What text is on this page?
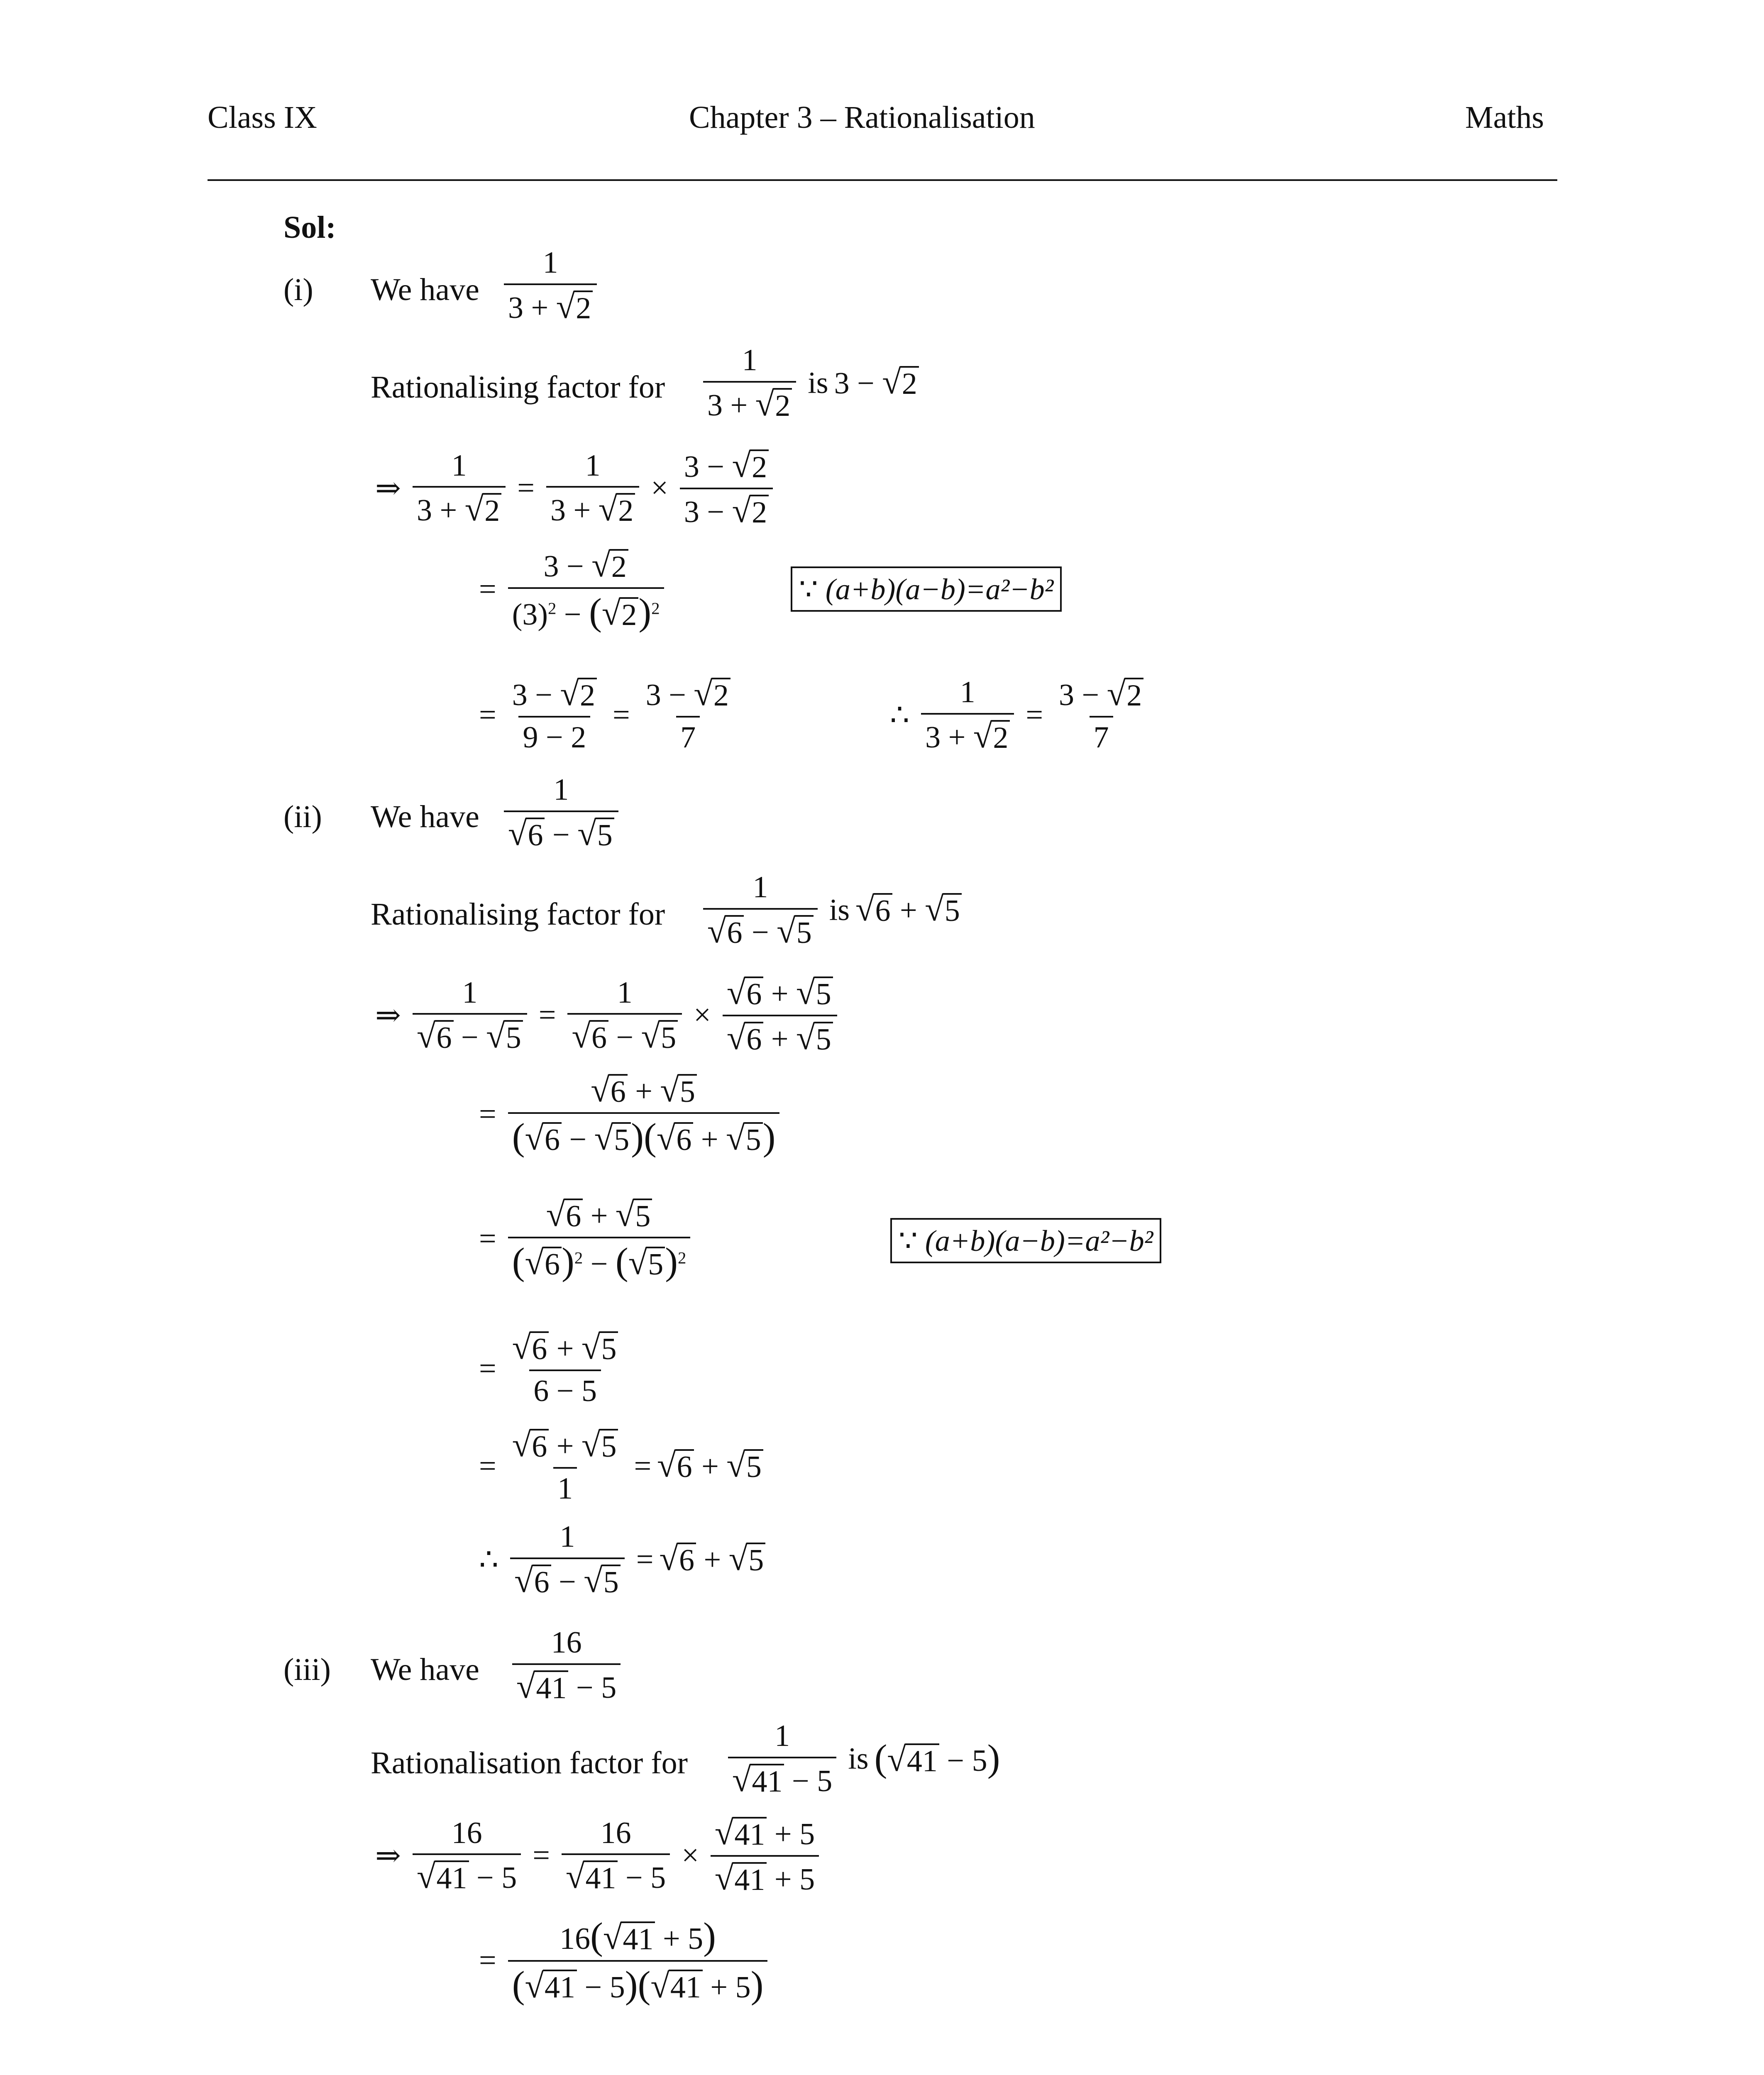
Class IX	Chapter 3 – Rationalisation	Maths
Sol:
(i) We have $\frac{1}{3 + √ 2}$
Rationalising factor for $\frac{1}{3 + √ 2}$ is 3 − √ 2
⇒ $\frac{1}{3 + √ 2} = \frac{1}{3 + √ 2} \times \frac{3 - √ 2}{3 - √ 2}$
= $\frac{3 - √ 2}{(3)^2 - ( √ 2 )^2}$	∵ (a+b)(a−b)=a²−b²
= $\frac{3 - √ 2}{9 - 2} = \frac{3 - √ 2}{7}$	∴ $\frac{1}{3 + √ 2} = \frac{3 - √ 2}{7}$
(ii) We have $\frac{1}{√ 6 - √ 5}$
Rationalising factor for $\frac{1}{√ 6 - √ 5}$ is √ 6 + √ 5
⇒ $\frac{1}{√ 6 - √ 5} = \frac{1}{√ 6 - √ 5} \times \frac{√ 6 + √ 5}{√ 6 + √ 5}$
= $\frac{√ 6 + √ 5}{( √ 6 - √ 5 )( √ 6 + √ 5 )}$
= $\frac{√ 6 + √ 5}{( √ 6 )^2 - ( √ 5 )^2}$	∵ (a+b)(a−b)=a²−b²
= $\frac{√ 6 + √ 5}{6 - 5}$
= $\frac{√ 6 + √ 5}{1}$ = √ 6 + √ 5
∴ $\frac{1}{√ 6 - √ 5}$ = √ 6 + √ 5
(iii) We have $\frac{16}{√ 41 - 5}$
Rationalisation factor for $\frac{1}{√ 41 - 5}$ is ( √ 41 − 5)
⇒ $\frac{16}{√ 41 - 5} = \frac{16}{√ 41 - 5} \times \frac{√ 41 + 5}{√ 41 + 5}$
= $\frac{16( √ 41 + 5)}{( √ 41 - 5)( √ 41 + 5)}$
